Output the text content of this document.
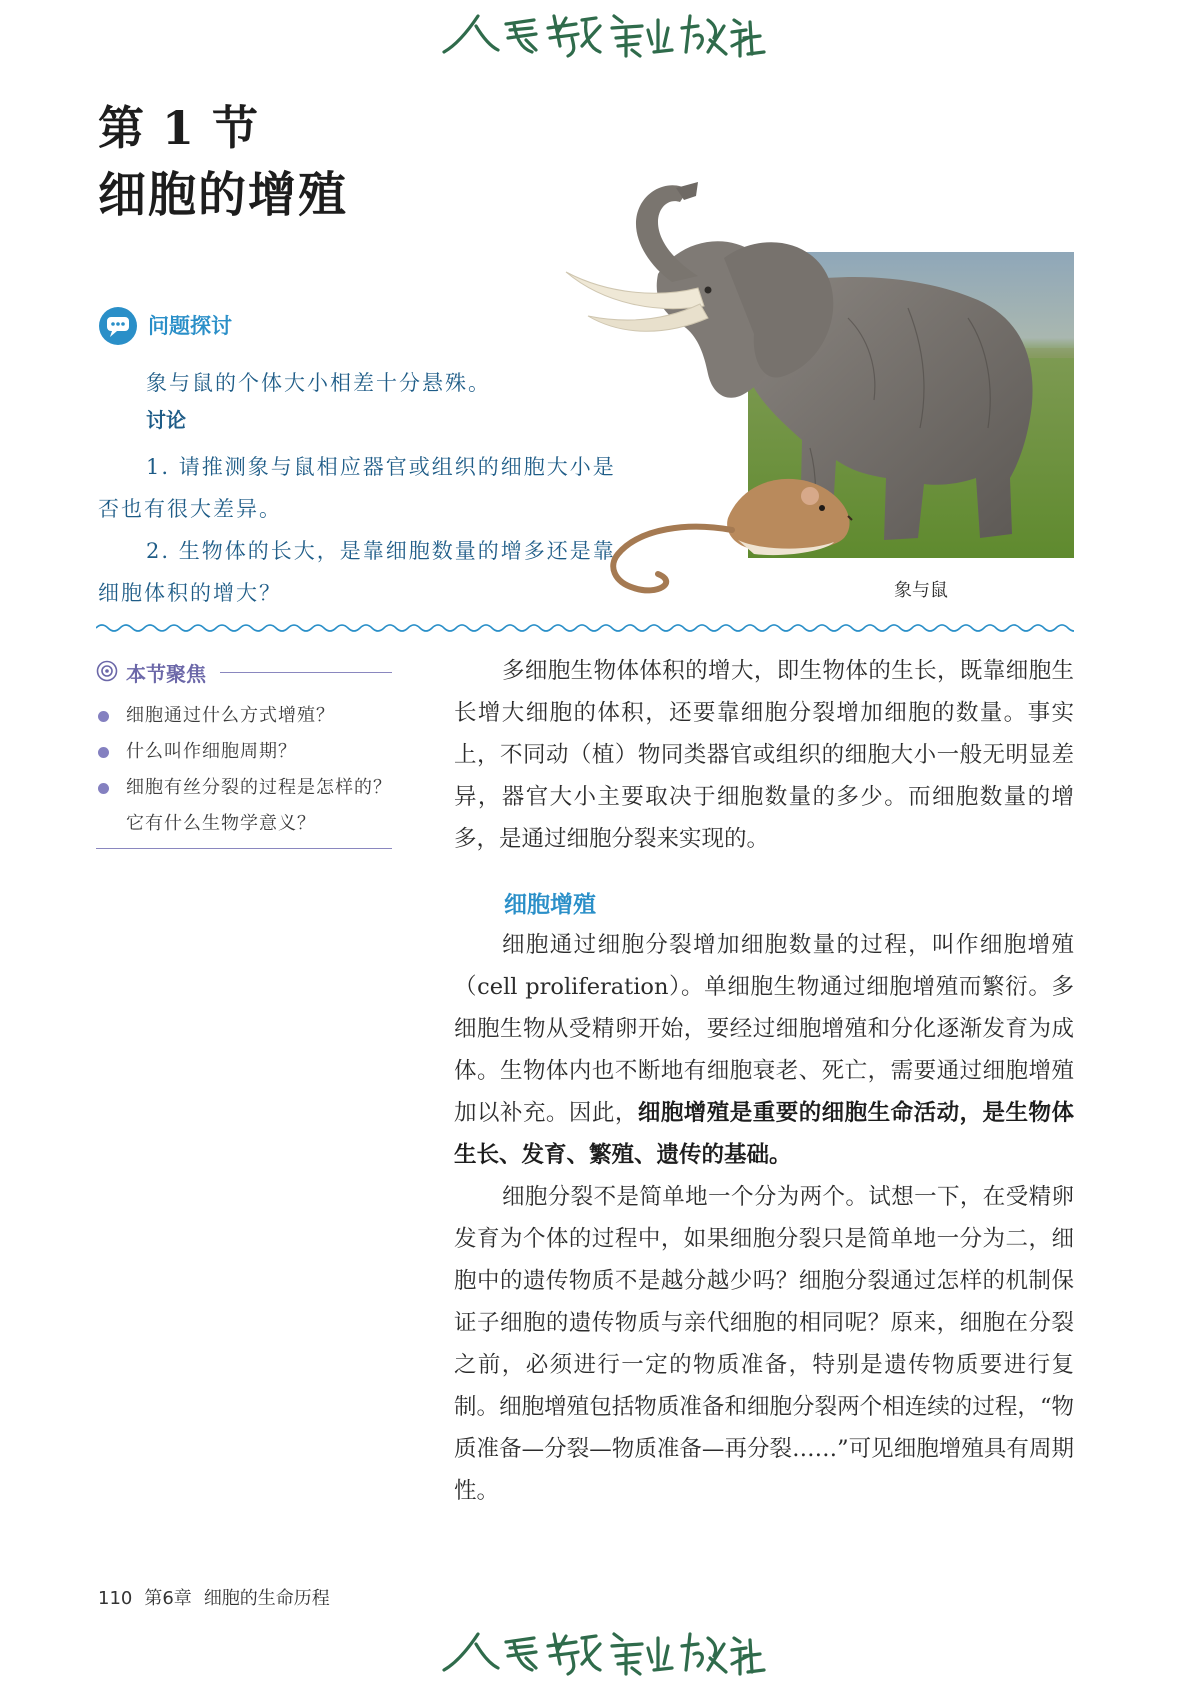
第 1 节
细胞的增殖
问题探讨
象与鼠的个体大小相差十分悬殊。
讨论
1. 请推测象与鼠相应器官或组织的细胞大小是否也有很大差异。
2. 生物体的长大，是靠细胞数量的增多还是靠细胞体积的增大？	象与鼠
本节聚焦
细胞通过什么方式增殖？
什么叫作细胞周期？
细胞有丝分裂的过程是怎样的？它有什么生物学意义？

多细胞生物体体积的增大，即生物体的生长，既靠细胞生长增大细胞的体积，还要靠细胞分裂增加细胞的数量。事实上，不同动（植）物同类器官或组织的细胞大小一般无明显差异，器官大小主要取决于细胞数量的多少。而细胞数量的增多，是通过细胞分裂来实现的。

细胞增殖

细胞通过细胞分裂增加细胞数量的过程，叫作细胞增殖（cell proliferation）。单细胞生物通过细胞增殖而繁衍。多细胞生物从受精卵开始，要经过细胞增殖和分化逐渐发育为成体。生物体内也不断地有细胞衰老、死亡，需要通过细胞增殖加以补充。因此，细胞增殖是重要的细胞生命活动，是生物体生长、发育、繁殖、遗传的基础。

细胞分裂不是简单地一个分为两个。试想一下，在受精卵发育为个体的过程中，如果细胞分裂只是简单地一分为二，细胞中的遗传物质不是越分越少吗？细胞分裂通过怎样的机制保证子细胞的遗传物质与亲代细胞的相同呢？原来，细胞在分裂之前，必须进行一定的物质准备，特别是遗传物质要进行复制。细胞增殖包括物质准备和细胞分裂两个相连续的过程，“物质准备—分裂—物质准备—再分裂……”可见细胞增殖具有周期性。

110 第6章 细胞的生命历程
